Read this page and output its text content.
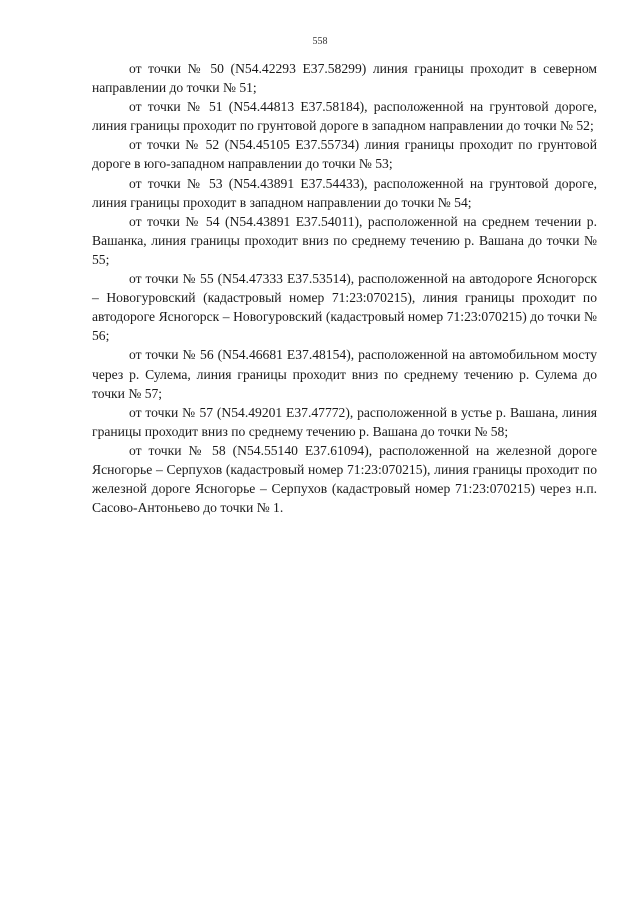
558

от точки № 50 (N54.42293 E37.58299) линия границы проходит в северном направлении до точки № 51;

от точки № 51 (N54.44813 E37.58184), расположенной на грунтовой дороге, линия границы проходит по грунтовой дороге в западном направлении до точки № 52;

от точки № 52 (N54.45105 E37.55734) линия границы проходит по грунтовой дороге в юго-западном направлении до точки № 53;

от точки № 53 (N54.43891 E37.54433), расположенной на грунтовой дороге, линия границы проходит в западном направлении до точки № 54;

от точки № 54 (N54.43891 E37.54011), расположенной на среднем течении р. Вашанка, линия границы проходит вниз по среднему течению р. Вашана до точки № 55;

от точки № 55 (N54.47333 E37.53514), расположенной на автодороге Ясногорск – Новогуровский (кадастровый номер 71:23:070215), линия границы проходит по автодороге Ясногорск – Новогуровский (кадастровый номер 71:23:070215) до точки № 56;

от точки № 56 (N54.46681 E37.48154), расположенной на автомобильном мосту через р. Сулема, линия границы проходит вниз по среднему течению р. Сулема до точки № 57;

от точки № 57 (N54.49201 E37.47772), расположенной в устье р. Вашана, линия границы проходит вниз по среднему течению р. Вашана до точки № 58;

от точки № 58 (N54.55140 E37.61094), расположенной на железной дороге Ясногорье – Серпухов (кадастровый номер 71:23:070215), линия границы проходит по железной дороге Ясногорье – Серпухов (кадастровый номер 71:23:070215) через н.п. Сасово-Антоньево до точки № 1.
